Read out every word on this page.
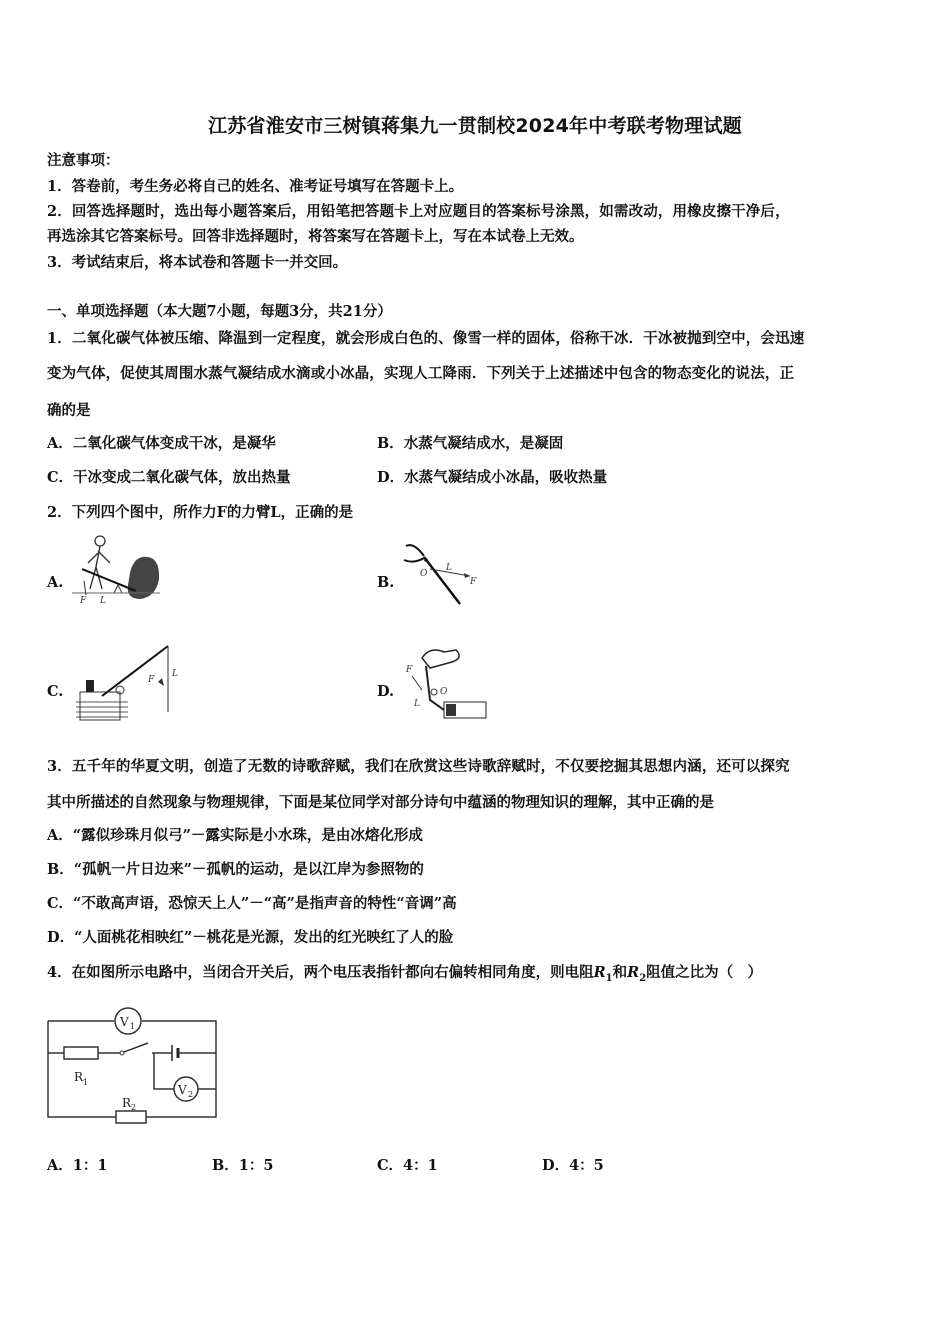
江苏省淮安市三树镇蒋集九一贯制校2024年中考联考物理试题
注意事项：
1．答卷前，考生务必将自己的姓名、准考证号填写在答题卡上。
2．回答选择题时，选出每小题答案后，用铅笔把答题卡上对应题目的答案标号涂黑，如需改动，用橡皮擦干净后，
再选涂其它答案标号。回答非选择题时，将答案写在答题卡上，写在本试卷上无效。
3．考试结束后，将本试卷和答题卡一并交回。
一、单项选择题（本大题7小题，每题3分，共21分）
1．二氧化碳气体被压缩、降温到一定程度，就会形成白色的、像雪一样的固体，俗称干冰．干冰被抛到空中，会迅速
变为气体，促使其周围水蒸气凝结成水滴或小冰晶，实现人工降雨．下列关于上述描述中包含的物态变化的说法，正
确的是
A．二氧化碳气体变成干冰，是凝华	B．水蒸气凝结成水，是凝固
C．干冰变成二氧化碳气体，放出热量	D．水蒸气凝结成小冰晶，吸收热量
2．下列四个图中，所作力F的力臂L，正确的是
A.
F L
B.	O
L
F
C.
F
L
D.	O
F
L
3．五千年的华夏文明，创造了无数的诗歌辞赋，我们在欣赏这些诗歌辞赋时，不仅要挖掘其思想内涵，还可以探究
其中所描述的自然现象与物理规律，下面是某位同学对部分诗句中蕴涵的物理知识的理解，其中正确的是
A．“露似珍珠月似弓”－露实际是小水珠，是由冰熔化形成
B．“孤帆一片日边来”－孤帆的运动，是以江岸为参照物的
C．“不敢高声语，恐惊天上人”－“高”是指声音的特性“音调”高
D．“人面桃花相映红”－桃花是光源，发出的红光映红了人的脸
4．在如图所示电路中，当闭合开关后，两个电压表指针都向右偏转相同角度，则电阻$R_1$和$R_2$阻值之比为（　）
V 1
R 1
V 2
R 2
A．1：1	B．1：5	C．4：1	D．4：5
